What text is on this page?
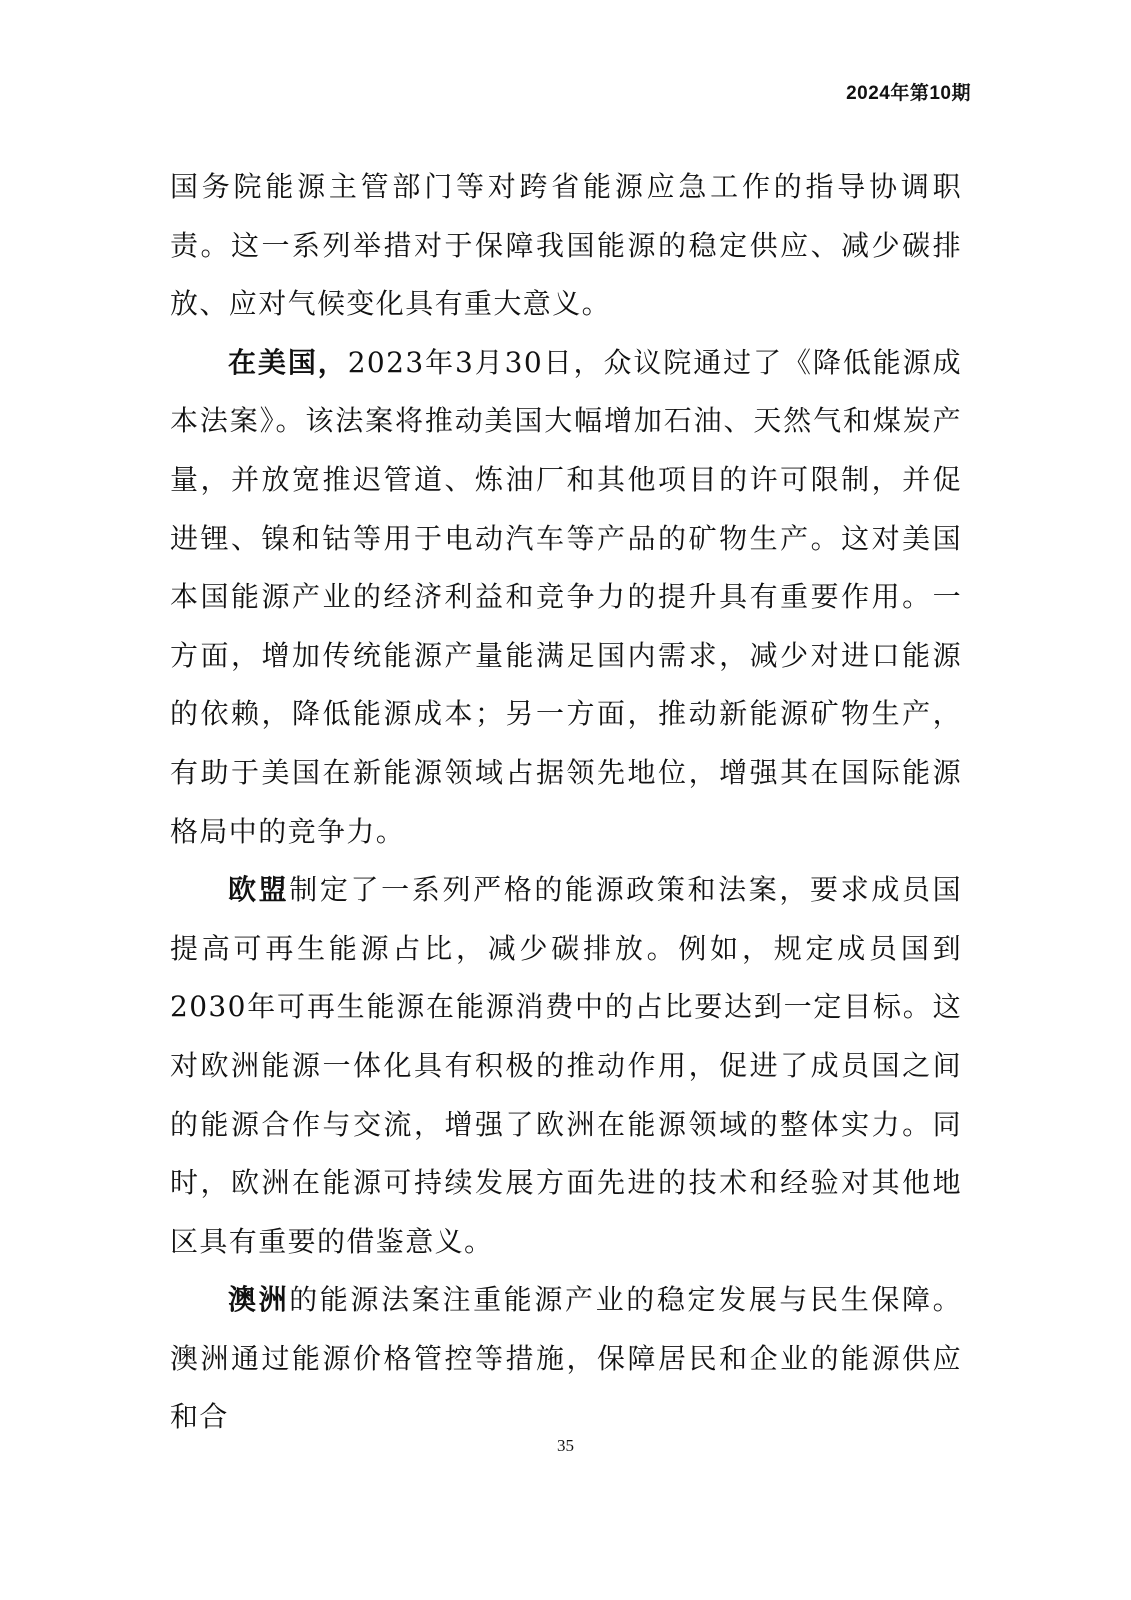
2024年第10期

国务院能源主管部门等对跨省能源应急工作的指导协调职责。这一系列举措对于保障我国能源的稳定供应、减少碳排放、应对气候变化具有重大意义。

在美国，2023年3月30日，众议院通过了《降低能源成本法案》。该法案将推动美国大幅增加石油、天然气和煤炭产量，并放宽推迟管道、炼油厂和其他项目的许可限制，并促进锂、镍和钴等用于电动汽车等产品的矿物生产。这对美国本国能源产业的经济利益和竞争力的提升具有重要作用。一方面，增加传统能源产量能满足国内需求，减少对进口能源的依赖，降低能源成本；另一方面，推动新能源矿物生产，有助于美国在新能源领域占据领先地位，增强其在国际能源格局中的竞争力。

欧盟制定了一系列严格的能源政策和法案，要求成员国提高可再生能源占比，减少碳排放。例如，规定成员国到2030年可再生能源在能源消费中的占比要达到一定目标。这对欧洲能源一体化具有积极的推动作用，促进了成员国之间的能源合作与交流，增强了欧洲在能源领域的整体实力。同时，欧洲在能源可持续发展方面先进的技术和经验对其他地区具有重要的借鉴意义。

澳洲的能源法案注重能源产业的稳定发展与民生保障。澳洲通过能源价格管控等措施，保障居民和企业的能源供应和合

35
